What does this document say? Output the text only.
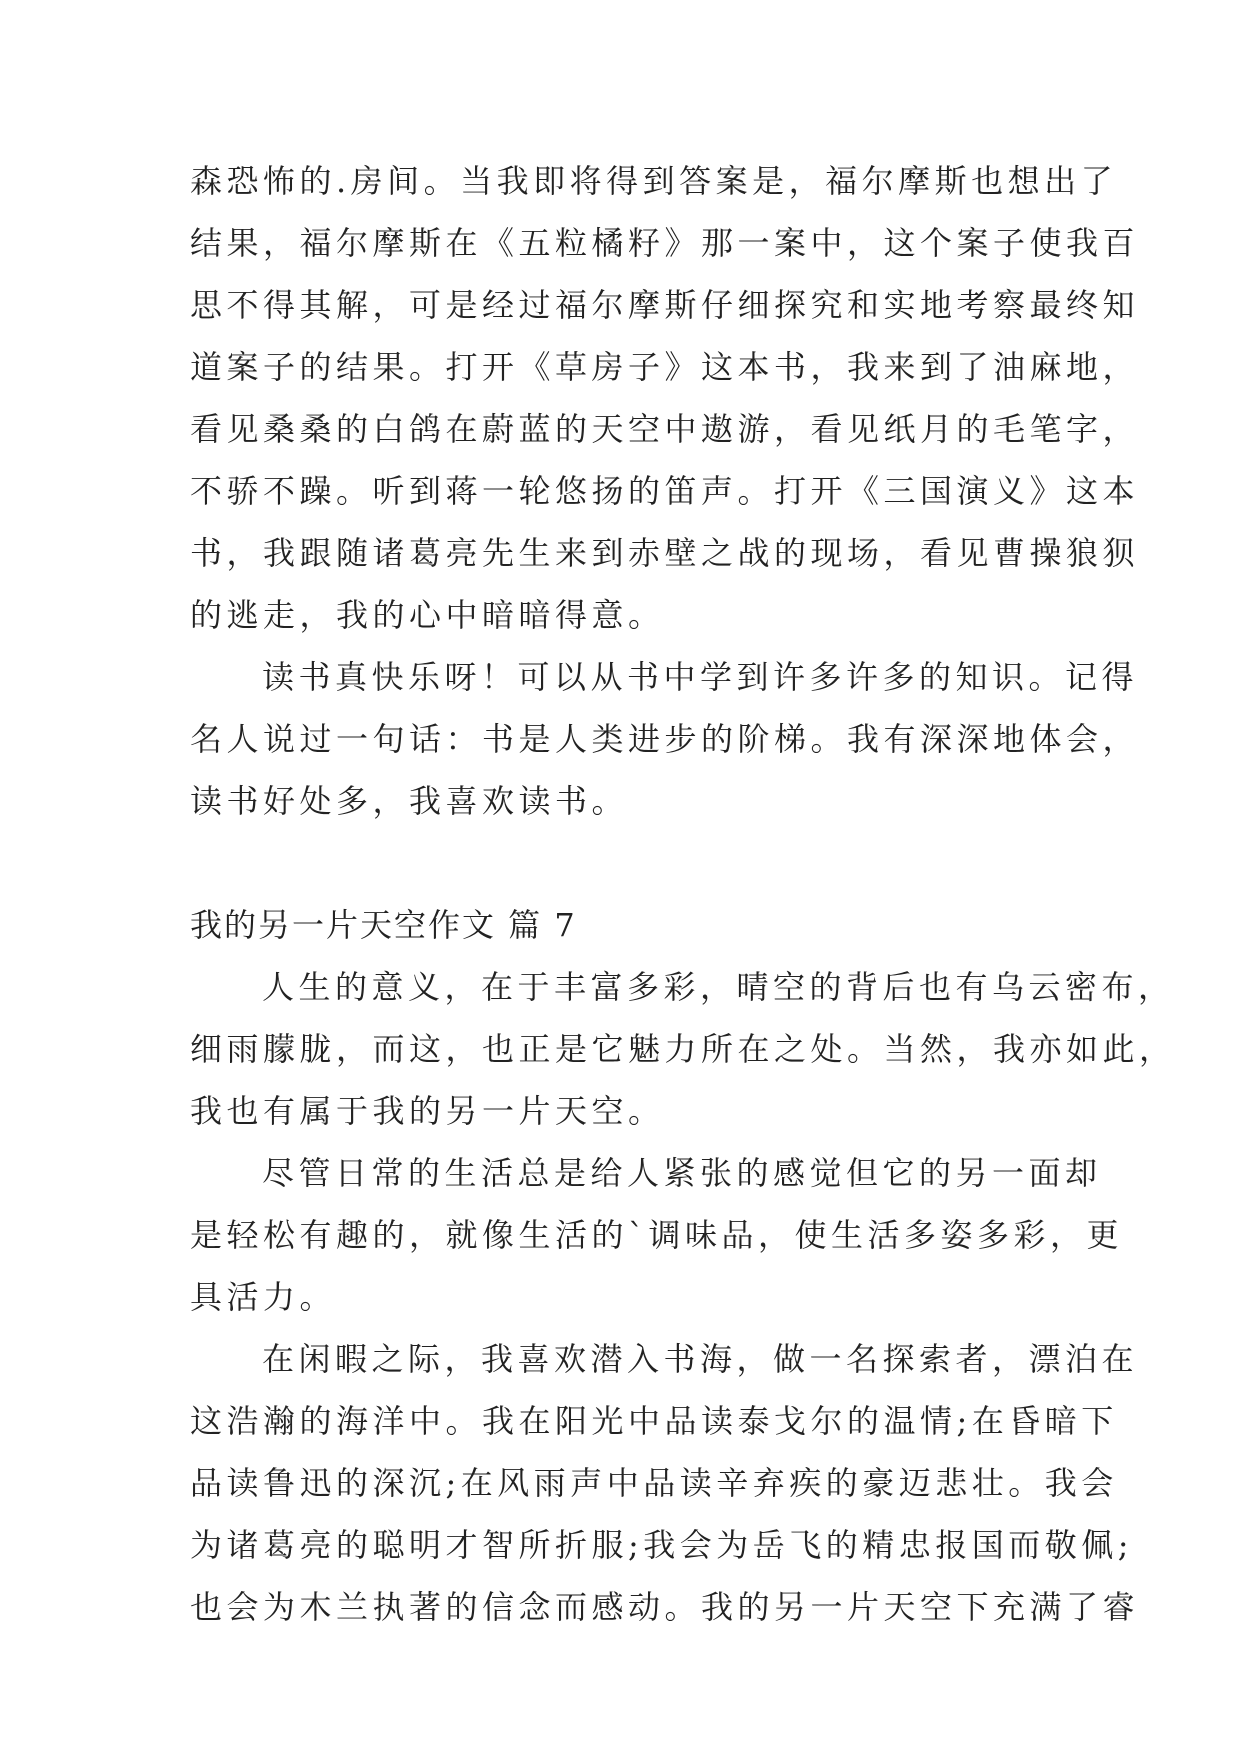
森恐怖的.房间。当我即将得到答案是，福尔摩斯也想出了
结果，福尔摩斯在《五粒橘籽》那一案中，这个案子使我百
思不得其解，可是经过福尔摩斯仔细探究和实地考察最终知
道案子的结果。打开《草房子》这本书，我来到了油麻地，
看见桑桑的白鸽在蔚蓝的天空中遨游，看见纸月的毛笔字，
不骄不躁。听到蒋一轮悠扬的笛声。打开《三国演义》这本
书，我跟随诸葛亮先生来到赤壁之战的现场，看见曹操狼狈
的逃走，我的心中暗暗得意。
读书真快乐呀！可以从书中学到许多许多的知识。记得
名人说过一句话：书是人类进步的阶梯。我有深深地体会，
读书好处多，我喜欢读书。
我的另一片天空作文 篇 7
人生的意义，在于丰富多彩，晴空的背后也有乌云密布，
细雨朦胧，而这，也正是它魅力所在之处。当然，我亦如此，
我也有属于我的另一片天空。
尽管日常的生活总是给人紧张的感觉但它的另一面却
是轻松有趣的，就像生活的`调味品，使生活多姿多彩，更
具活力。
在闲暇之际，我喜欢潜入书海，做一名探索者，漂泊在
这浩瀚的海洋中。我在阳光中品读泰戈尔的温情;在昏暗下
品读鲁迅的深沉;在风雨声中品读辛弃疾的豪迈悲壮。我会
为诸葛亮的聪明才智所折服;我会为岳飞的精忠报国而敬佩;
也会为木兰执著的信念而感动。我的另一片天空下充满了睿
